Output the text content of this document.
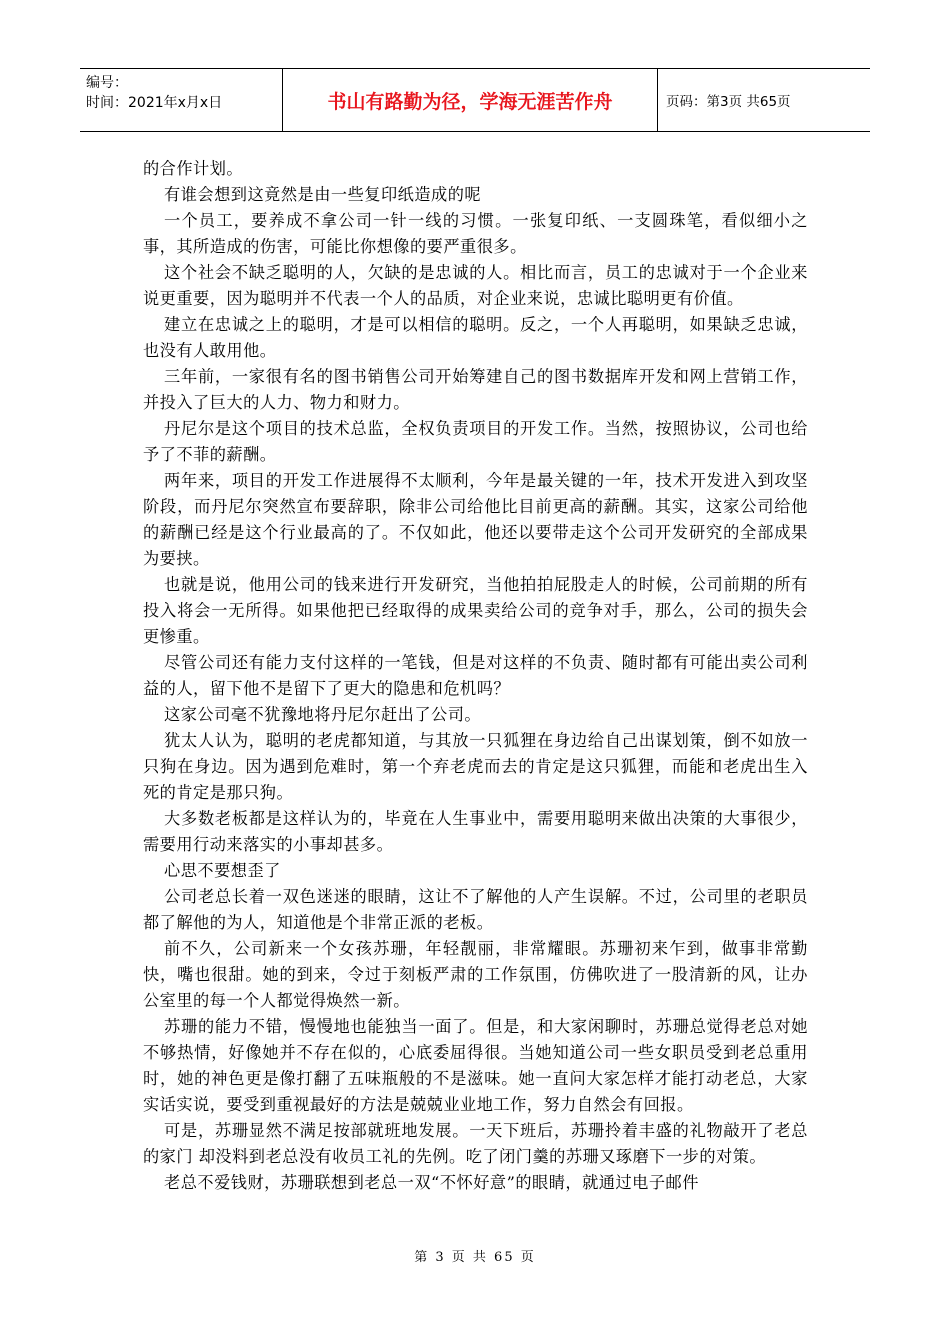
编号：
时间：2021年x月x日	书山有路勤为径，学海无涯苦作舟	页码：第3页 共65页

的合作计划。

有谁会想到这竟然是由一些复印纸造成的呢

一个员工，要养成不拿公司一针一线的习惯。一张复印纸、一支圆珠笔，看似细小之事，其所造成的伤害，可能比你想像的要严重很多。

这个社会不缺乏聪明的人，欠缺的是忠诚的人。相比而言，员工的忠诚对于一个企业来说更重要，因为聪明并不代表一个人的品质，对企业来说，忠诚比聪明更有价值。

建立在忠诚之上的聪明，才是可以相信的聪明。反之，一个人再聪明，如果缺乏忠诚，也没有人敢用他。

三年前，一家很有名的图书销售公司开始筹建自己的图书数据库开发和网上营销工作，并投入了巨大的人力、物力和财力。

丹尼尔是这个项目的技术总监，全权负责项目的开发工作。当然，按照协议，公司也给予了不菲的薪酬。

两年来，项目的开发工作进展得不太顺利，今年是最关键的一年，技术开发进入到攻坚阶段，而丹尼尔突然宣布要辞职，除非公司给他比目前更高的薪酬。其实，这家公司给他的薪酬已经是这个行业最高的了。不仅如此，他还以要带走这个公司开发研究的全部成果为要挟。

也就是说，他用公司的钱来进行开发研究，当他拍拍屁股走人的时候，公司前期的所有投入将会一无所得。如果他把已经取得的成果卖给公司的竞争对手，那么，公司的损失会更惨重。

尽管公司还有能力支付这样的一笔钱，但是对这样的不负责、随时都有可能出卖公司利益的人，留下他不是留下了更大的隐患和危机吗？

这家公司毫不犹豫地将丹尼尔赶出了公司。

犹太人认为，聪明的老虎都知道，与其放一只狐狸在身边给自己出谋划策，倒不如放一只狗在身边。因为遇到危难时，第一个弃老虎而去的肯定是这只狐狸，而能和老虎出生入死的肯定是那只狗。

大多数老板都是这样认为的，毕竟在人生事业中，需要用聪明来做出决策的大事很少，需要用行动来落实的小事却甚多。

心思不要想歪了

公司老总长着一双色迷迷的眼睛，这让不了解他的人产生误解。不过，公司里的老职员都了解他的为人，知道他是个非常正派的老板。

前不久，公司新来一个女孩苏珊，年轻靓丽，非常耀眼。苏珊初来乍到，做事非常勤快，嘴也很甜。她的到来，令过于刻板严肃的工作氛围，仿佛吹进了一股清新的风，让办公室里的每一个人都觉得焕然一新。

苏珊的能力不错，慢慢地也能独当一面了。但是，和大家闲聊时，苏珊总觉得老总对她不够热情，好像她并不存在似的，心底委屈得很。当她知道公司一些女职员受到老总重用时，她的神色更是像打翻了五味瓶般的不是滋味。她一直问大家怎样才能打动老总，大家实话实说，要受到重视最好的方法是兢兢业业地工作，努力自然会有回报。

可是，苏珊显然不满足按部就班地发展。一天下班后，苏珊拎着丰盛的礼物敲开了老总的家门 却没料到老总没有收员工礼的先例。吃了闭门羹的苏珊又琢磨下一步的对策。

老总不爱钱财，苏珊联想到老总一双“不怀好意”的眼睛，就通过电子邮件

第 3 页 共 65 页
